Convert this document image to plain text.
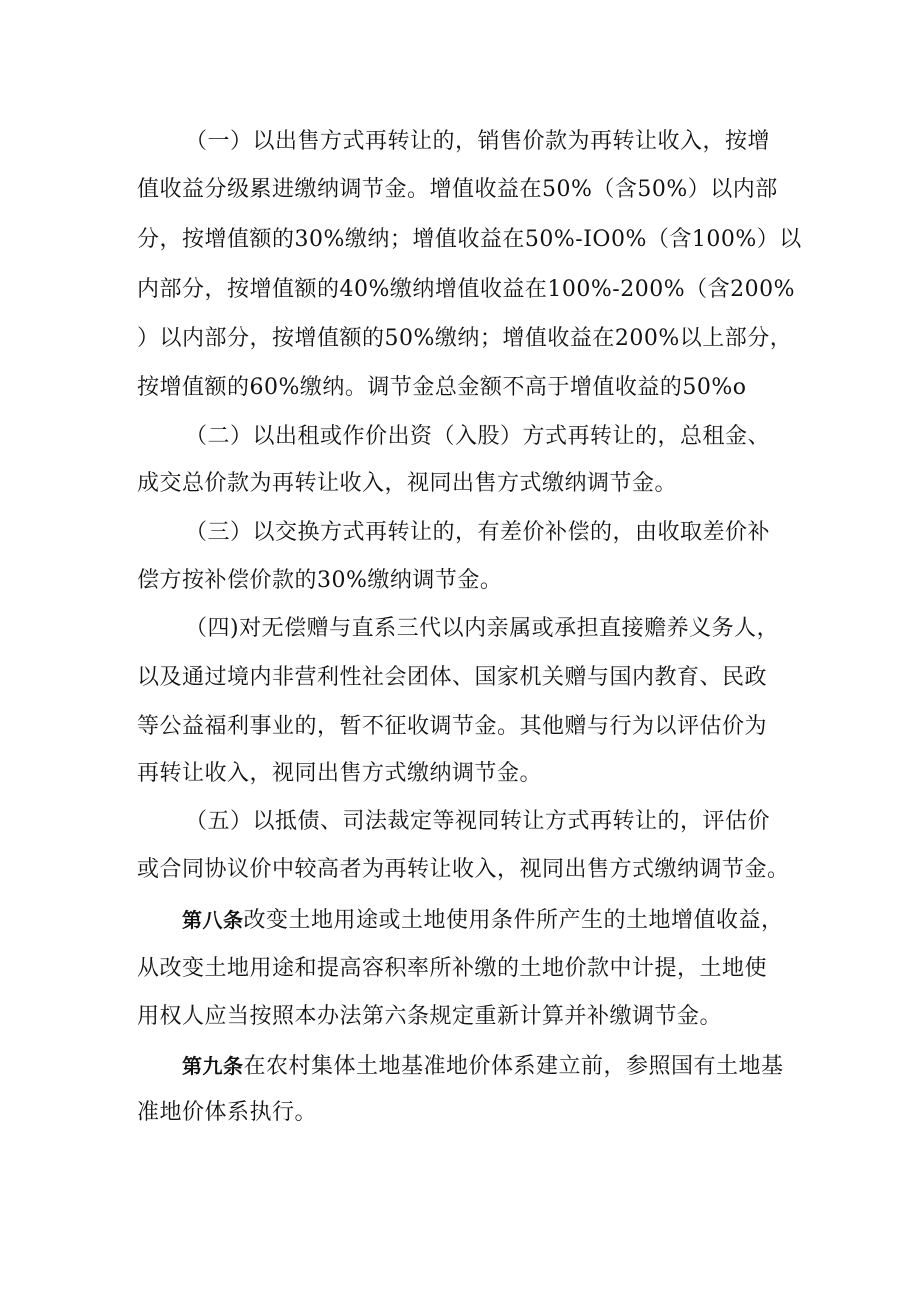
（一）以出售方式再转让的，销售价款为再转让收入，按增
值收益分级累进缴纳调节金。增值收益在50%（含50%）以内部
分，按增值额的30%缴纳；增值收益在50%-IO0%（含100%）以
内部分，按增值额的40%缴纳增值收益在100%-200%（含200%
）以内部分，按增值额的50%缴纳；增值收益在200%以上部分，
按增值额的60%缴纳。调节金总金额不高于增值收益的50%o
（二）以出租或作价出资（入股）方式再转让的，总租金、
成交总价款为再转让收入，视同出售方式缴纳调节金。
（三）以交换方式再转让的，有差价补偿的，由收取差价补
偿方按补偿价款的30%缴纳调节金。
（四)对无偿赠与直系三代以内亲属或承担直接赡养义务人，
以及通过境内非营利性社会团体、国家机关赠与国内教育、民政
等公益福利事业的，暂不征收调节金。其他赠与行为以评估价为
再转让收入，视同出售方式缴纳调节金。
（五）以抵债、司法裁定等视同转让方式再转让的，评估价
或合同协议价中较高者为再转让收入，视同出售方式缴纳调节金。
第八条改变土地用途或土地使用条件所产生的土地增值收益，
从改变土地用途和提高容积率所补缴的土地价款中计提，土地使
用权人应当按照本办法第六条规定重新计算并补缴调节金。
第九条在农村集体土地基准地价体系建立前，参照国有土地基
准地价体系执行。
